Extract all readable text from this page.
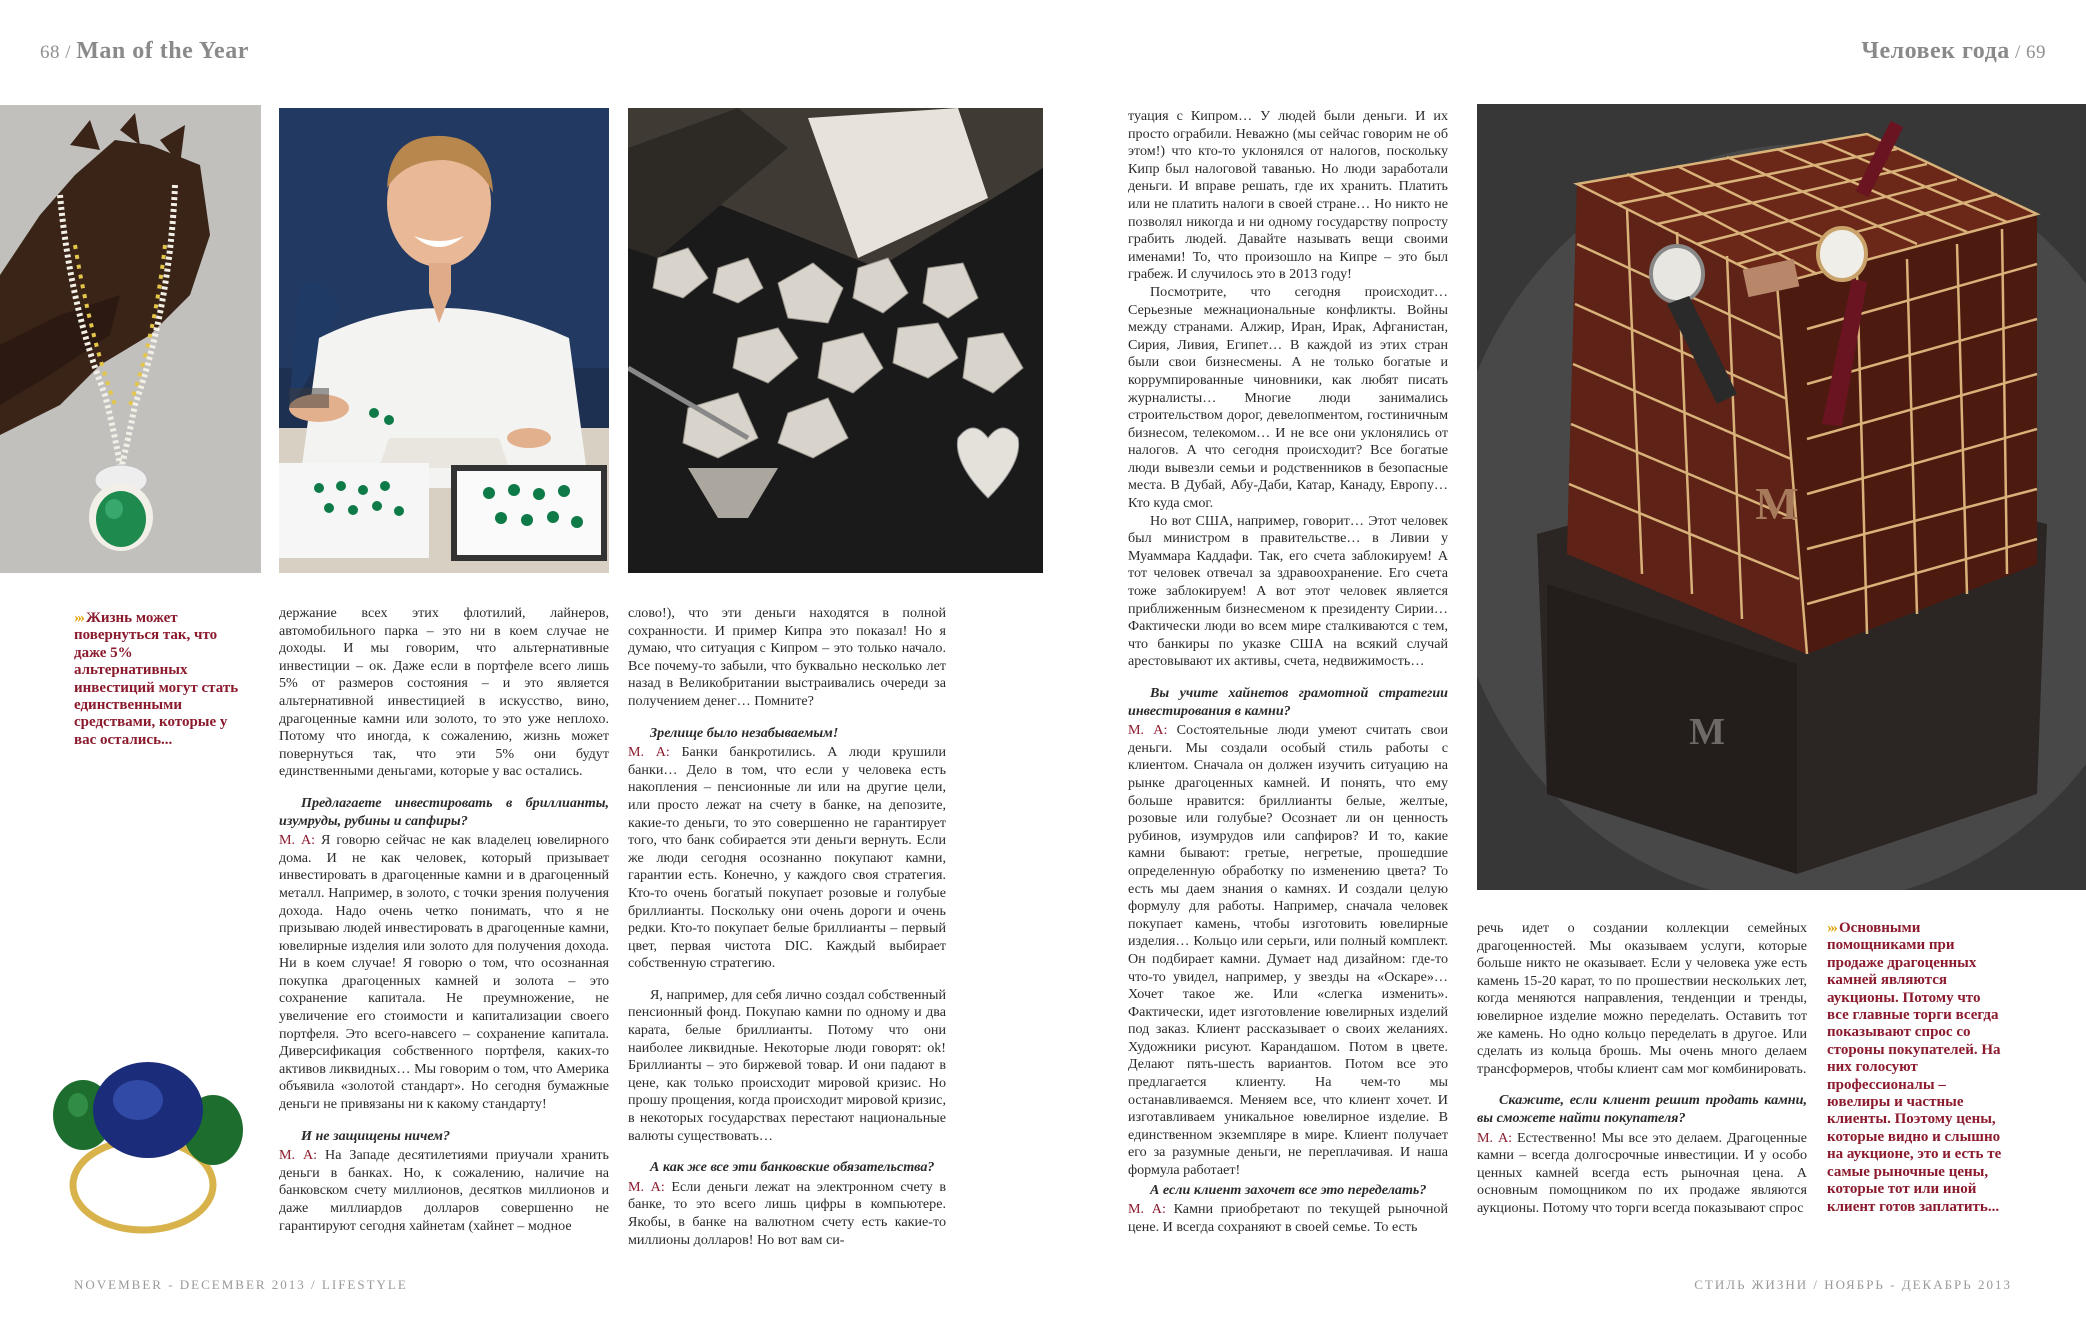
68 / Man of the Year	Человек года / 69
M
M
››› Жизнь может повернуться так, что даже 5% альтернативных инвестиций могут стать единственными средствами, которые у вас остались...

держание всех этих флотилий, лайнеров, автомобильного парка – это ни в коем случае не доходы. И мы говорим, что альтернативные инвестиции – ок. Даже если в портфеле всего лишь 5% от размеров состояния – и это является альтернативной инвестицией в искусство, вино, драгоценные камни или золото, то это уже неплохо. Потому что иногда, к сожалению, жизнь может повернуться так, что эти 5% они будут единственными деньгами, которые у вас остались.

Предлагаете инвестировать в бриллианты, изумруды, рубины и сапфиры?

М. А: Я говорю сейчас не как владелец ювелирного дома. И не как человек, который призывает инвестировать в драгоценные камни и в драгоценный металл. Например, в золото, с точки зрения получения дохода. Надо очень четко понимать, что я не призываю людей инвестировать в драгоценные камни, ювелирные изделия или золото для получения дохода. Ни в коем случае! Я говорю о том, что осознанная покупка драгоценных камней и золота – это сохранение капитала. Не преумножение, не увеличение его стоимости и капитализации своего портфеля. Это всего-навсего – сохранение капитала. Диверсификация собственного портфеля, каких-то активов ликвидных… Мы говорим о том, что Америка объявила «золотой стандарт». Но сегодня бумажные деньги не привязаны ни к какому стандарту!

И не защищены ничем?

М. А: На Западе десятилетиями приучали хранить деньги в банках. Но, к сожалению, наличие на банковском счету миллионов, десятков миллионов и даже миллиардов долларов совершенно не гарантируют сегодня хайнетам (хайнет – модное

слово!), что эти деньги находятся в полной сохранности. И пример Кипра это показал! Но я думаю, что ситуация с Кипром – это только начало. Все почему-то забыли, что буквально несколько лет назад в Великобритании выстраивались очереди за получением денег… Помните?

Зрелище было незабываемым!

М. А: Банки банкротились. А люди крушили банки… Дело в том, что если у человека есть накопления – пенсионные ли или на другие цели, или просто лежат на счету в банке, на депозите, какие-то деньги, то это совершенно не гарантирует того, что банк собирается эти деньги вернуть. Если же люди сегодня осознанно покупают камни, гарантии есть. Конечно, у каждого своя стратегия. Кто-то очень богатый покупает розовые и голубые бриллианты. Поскольку они очень дороги и очень редки. Кто-то покупает белые бриллианты – первый цвет, первая чистота DIC. Каждый выбирает собственную стратегию.

Я, например, для себя лично создал собственный пенсионный фонд. Покупаю камни по одному и два карата, белые бриллианты. Потому что они наиболее ликвидные. Некоторые люди говорят: ok! Бриллианты – это биржевой товар. И они падают в цене, как только происходит мировой кризис. Но прошу прощения, когда происходит мировой кризис, в некоторых государствах перестают национальные валюты существовать…

А как же все эти банковские обязательства?

М. А: Если деньги лежат на электронном счету в банке, то это всего лишь цифры в компьютере. Якобы, в банке на валютном счету есть какие-то миллионы долларов! Но вот вам си-

туация с Кипром… У людей были деньги. И их просто ограбили. Неважно (мы сейчас говорим не об этом!) что кто-то уклонялся от налогов, поскольку Кипр был налоговой таванью. Но люди заработали деньги. И вправе решать, где их хранить. Платить или не платить налоги в своей стране… Но никто не позволял никогда и ни одному государству попросту грабить людей. Давайте называть вещи своими именами! То, что произошло на Кипре – это был грабеж. И случилось это в 2013 году!

Посмотрите, что сегодня происходит… Серьезные межнациональные конфликты. Войны между странами. Алжир, Иран, Ирак, Афганистан, Сирия, Ливия, Египет… В каждой из этих стран были свои бизнесмены. А не только богатые и коррумпированные чиновники, как любят писать журналисты… Многие люди занимались строительством дорог, девелопментом, гостиничным бизнесом, телекомом… И не все они уклонялись от налогов. А что сегодня происходит? Все богатые люди вывезли семьи и родственников в безопасные места. В Дубай, Абу-Даби, Катар, Канаду, Европу… Кто куда смог.

Но вот США, например, говорит… Этот человек был министром в правительстве… в Ливии у Муаммара Каддафи. Так, его счета заблокируем! А тот человек отвечал за здравоохранение. Его счета тоже заблокируем! А вот этот человек является приближенным бизнесменом к президенту Сирии… Фактически люди во всем мире сталкиваются с тем, что банкиры по указке США на всякий случай арестовывают их активы, счета, недвижимость…

Вы учите хайнетов грамотной стратегии инвестирования в камни?

М. А: Состоятельные люди умеют считать свои деньги. Мы создали особый стиль работы с клиентом. Сначала он должен изучить ситуацию на рынке драгоценных камней. И понять, что ему больше нравится: бриллианты белые, желтые, розовые или голубые? Осознает ли он ценность рубинов, изумрудов или сапфиров? И то, какие камни бывают: гретые, негретые, прошедшие определенную обработку по изменению цвета? То есть мы даем знания о камнях. И создали целую формулу для работы. Например, сначала человек покупает камень, чтобы изготовить ювелирные изделия… Кольцо или серьги, или полный комплект. Он подбирает камни. Думает над дизайном: где-то что-то увидел, например, у звезды на «Оскаре»… Хочет такое же. Или «слегка изменить». Фактически, идет изготовление ювелирных изделий под заказ. Клиент рассказывает о своих желаниях. Художники рисуют. Карандашом. Потом в цвете. Делают пять-шесть вариантов. Потом все это предлагается клиенту. На чем-то мы останавливаемся. Меняем все, что клиент хочет. И изготавливаем уникальное ювелирное изделие. В единственном экземпляре в мире. Клиент получает его за разумные деньги, не переплачивая. И наша формула работает!

А если клиент захочет все это переделать?

М. А: Камни приобретают по текущей рыночной цене. И всегда сохраняют в своей семье. То есть

речь идет о создании коллекции семейных драгоценностей. Мы оказываем услуги, которые больше никто не оказывает. Если у человека уже есть камень 15-20 карат, то по прошествии нескольких лет, когда меняются направления, тенденции и тренды, ювелирное изделие можно переделать. Оставить тот же камень. Но одно кольцо переделать в другое. Или сделать из кольца брошь. Мы очень много делаем трансформеров, чтобы клиент сам мог комбинировать.

Скажите, если клиент решит продать камни, вы сможете найти покупателя?

М. А: Естественно! Мы все это делаем. Драгоценные камни – всегда долгосрочные инвестиции. И у особо ценных камней всегда есть рыночная цена. А основным помощником по их продаже являются аукционы. Потому что торги всегда показывают спрос

››› Основными помощниками при продаже драгоценных камней являются аукционы. Потому что все главные торги всегда показывают спрос со стороны покупателей. На них голосуют профессионалы – ювелиры и частные клиенты. Поэтому цены, которые видно и слышно на аукционе, это и есть те самые рыночные цены, которые тот или иной клиент готов заплатить...
NOVEMBER - DECEMBER 2013 / LIFESTYLE	СТИЛЬ ЖИЗНИ / НОЯБРЬ - ДЕКАБРЬ 2013
